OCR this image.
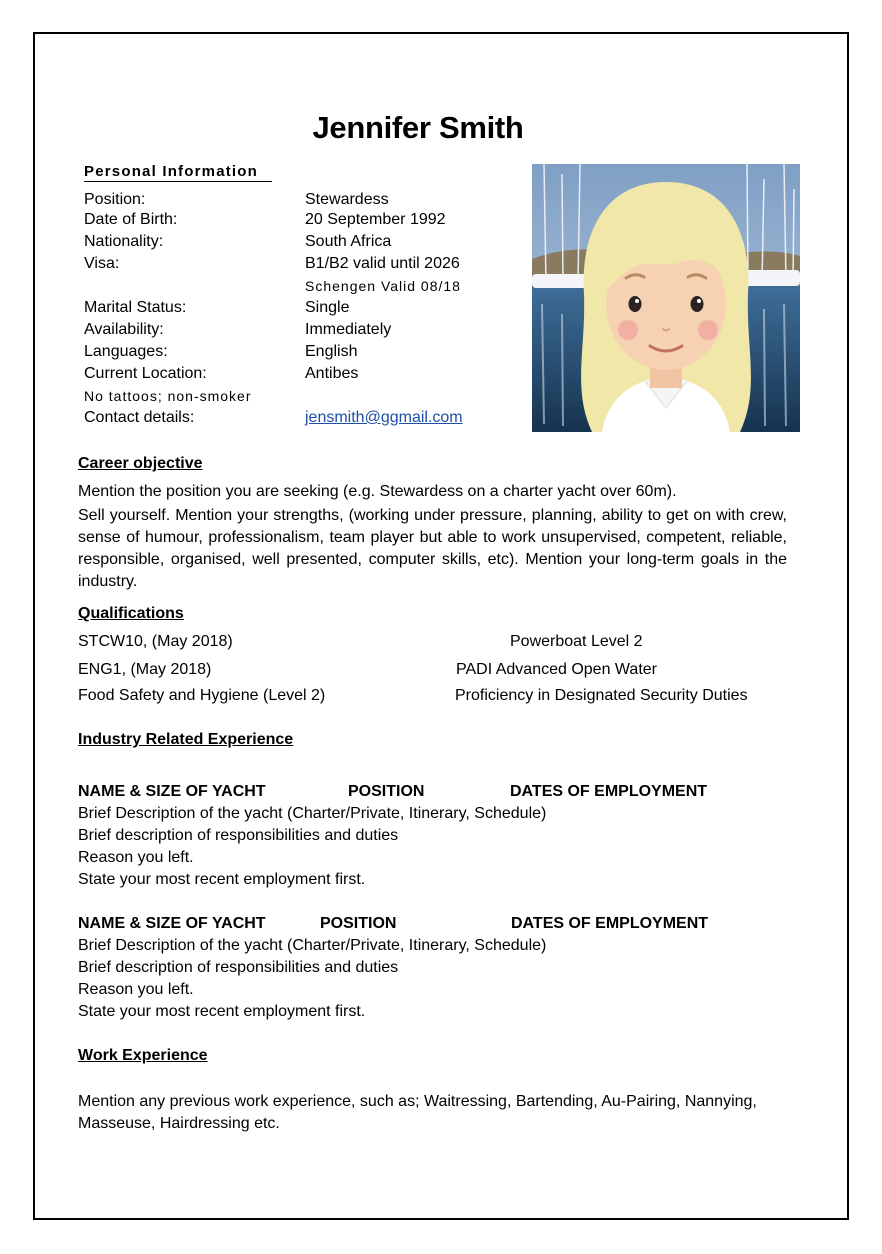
Jennifer Smith
Personal Information
Position:	Stewardess
Date of Birth:	20 September 1992
Nationality:	South Africa
Visa:	B1/B2 valid until 2026
Schengen Valid 08/18
Marital Status:	Single
Availability:	Immediately
Languages:	English
Current Location:	Antibes
No tattoos; non-smoker
Contact details:	jensmith@ggmail.com
Career objective
Mention the position you are seeking (e.g. Stewardess on a charter yacht over 60m).
Sell yourself. Mention your strengths, (working under pressure, planning, ability to get on with crew, sense of humour, professionalism, team player but able to work unsupervised, competent, reliable, responsible, organised, well presented, computer skills, etc). Mention your long-term goals in the industry.
Qualifications
STCW10, (May 2018)	Powerboat Level 2
ENG1, (May 2018)	PADI Advanced Open Water
Food Safety and Hygiene (Level 2)	Proficiency in Designated Security Duties
Industry Related Experience
NAME & SIZE OF YACHT	POSITION	DATES OF EMPLOYMENT
Brief Description of the yacht (Charter/Private, Itinerary, Schedule)
Brief description of responsibilities and duties
Reason you left.
State your most recent employment first.
NAME & SIZE OF YACHT	POSITION	DATES OF EMPLOYMENT
Brief Description of the yacht (Charter/Private, Itinerary, Schedule)
Brief description of responsibilities and duties
Reason you left.
State your most recent employment first.
Work Experience
Mention any previous work experience, such as; Waitressing, Bartending, Au-Pairing, Nannying, Masseuse, Hairdressing etc.
